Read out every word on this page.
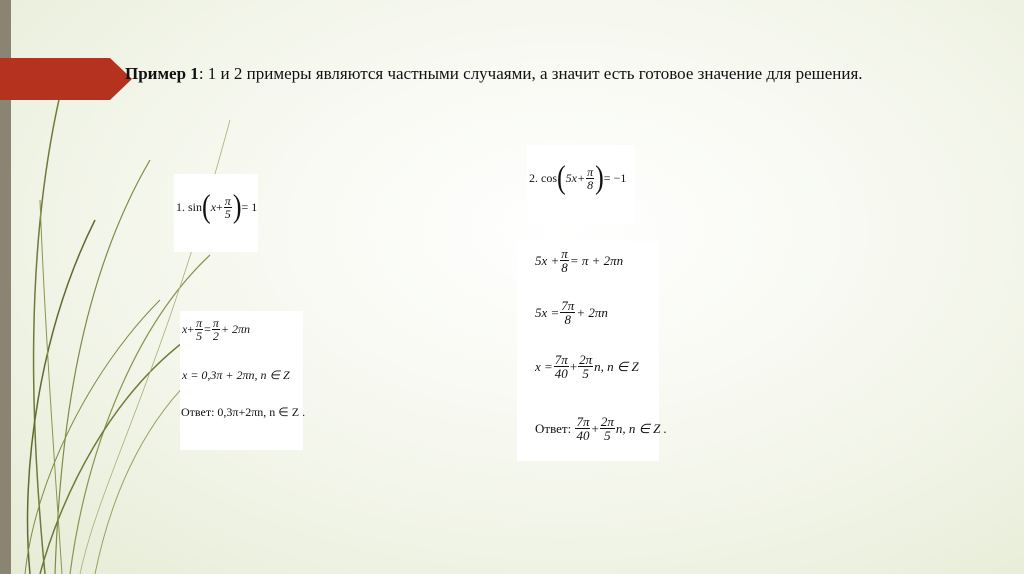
Пример 1: 1 и 2 примеры являются частными случаями, а значит есть готовое значение для решения.
1.
sin ( $x + \frac{\pi}{5}$ ) = 1
$x + \frac{\pi}{5} = \frac{\pi}{2} + 2\pi n$
x = 0,3π + 2πn, n ∈ Z
Ответ: 0,3π+2πn, n ∈ Z .
2.
cos ( $5x+ \frac{\pi}{8}$ ) = −1
$5x + \frac{\pi}{8} = \pi + 2\pi n$
$5x = \frac{7\pi}{8} + 2\pi n$
$x = \frac{7\pi}{40} + \frac{2\pi}{5} n$, n ∈ Z
Ответ:
$\frac{7\pi}{40} + \frac{2\pi}{5} n$, n ∈ Z .
